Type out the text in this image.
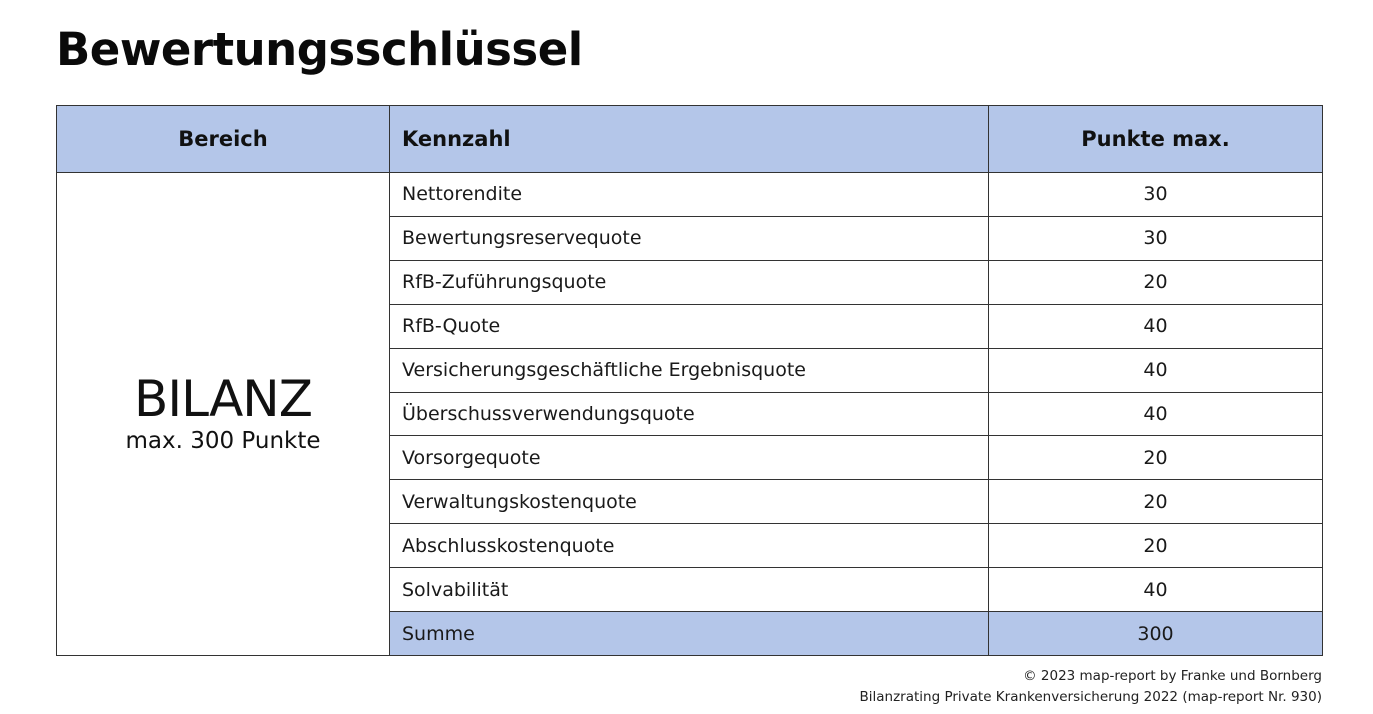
Bewertungsschlüssel
Bereich	Kennzahl	Punkte max.

BILANZ
max. 300 Punkte	Nettorendite	30
	Bewertungsreservequote	30
	RfB-Zuführungsquote	20
	RfB-Quote	40
	Versicherungsgeschäftliche Ergebnisquote	40
	Überschussverwendungsquote	40
	Vorsorgequote	20
	Verwaltungskostenquote	20
	Abschlusskostenquote	20
	Solvabilität	40
	Summe	300
© 2023 map-report by Franke und Bornberg
Bilanzrating Private Krankenversicherung 2022 (map-report Nr. 930)
